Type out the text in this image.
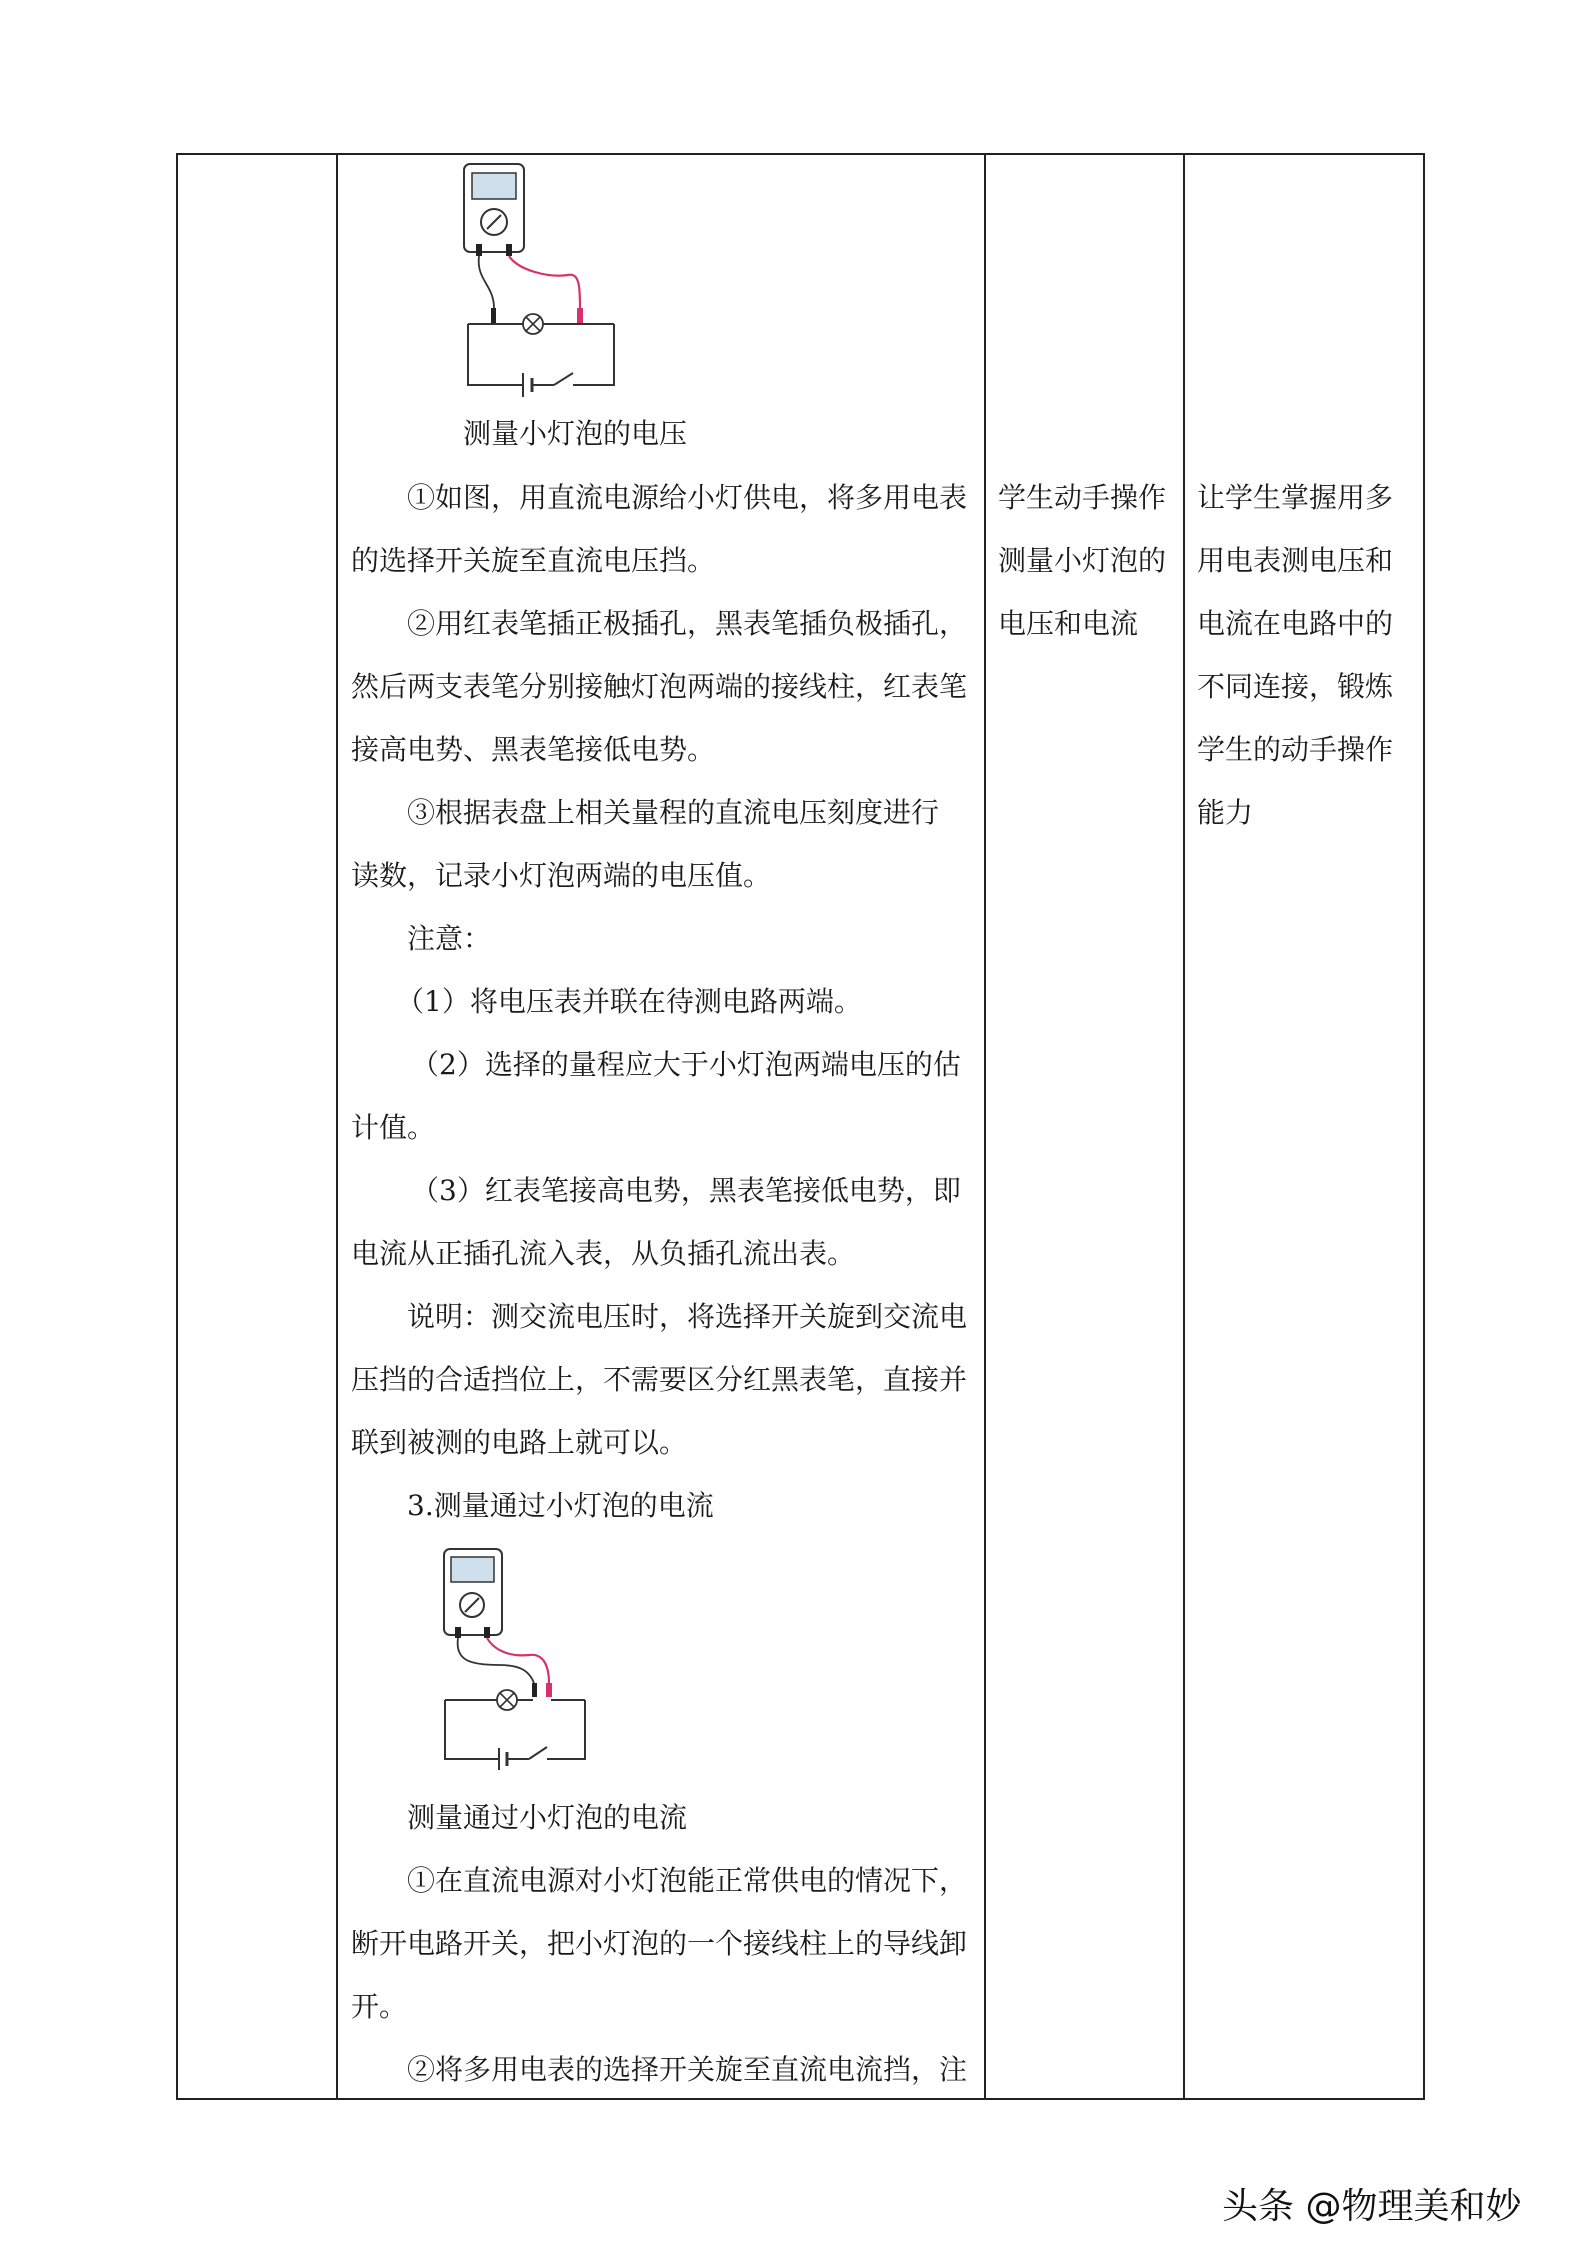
测量小灯泡的电压
①如图，用直流电源给小灯供电，将多用电表
的选择开关旋至直流电压挡。
②用红表笔插正极插孔，黑表笔插负极插孔，
然后两支表笔分别接触灯泡两端的接线柱，红表笔
接高电势、黑表笔接低电势。
③根据表盘上相关量程的直流电压刻度进行
读数，记录小灯泡两端的电压值。
注意：
（1）将电压表并联在待测电路两端。
（2）选择的量程应大于小灯泡两端电压的估
计值。
（3）红表笔接高电势，黑表笔接低电势，即
电流从正插孔流入表，从负插孔流出表。
说明：测交流电压时，将选择开关旋到交流电
压挡的合适挡位上，不需要区分红黑表笔，直接并
联到被测的电路上就可以。
3.测量通过小灯泡的电流
测量通过小灯泡的电流
①在直流电源对小灯泡能正常供电的情况下，
断开电路开关，把小灯泡的一个接线柱上的导线卸
开。
②将多用电表的选择开关旋至直流电流挡，注
学生动手操作
测量小灯泡的
电压和电流
让学生掌握用多
用电表测电压和
电流在电路中的
不同连接，锻炼
学生的动手操作
能力
头条 @物理美和妙
